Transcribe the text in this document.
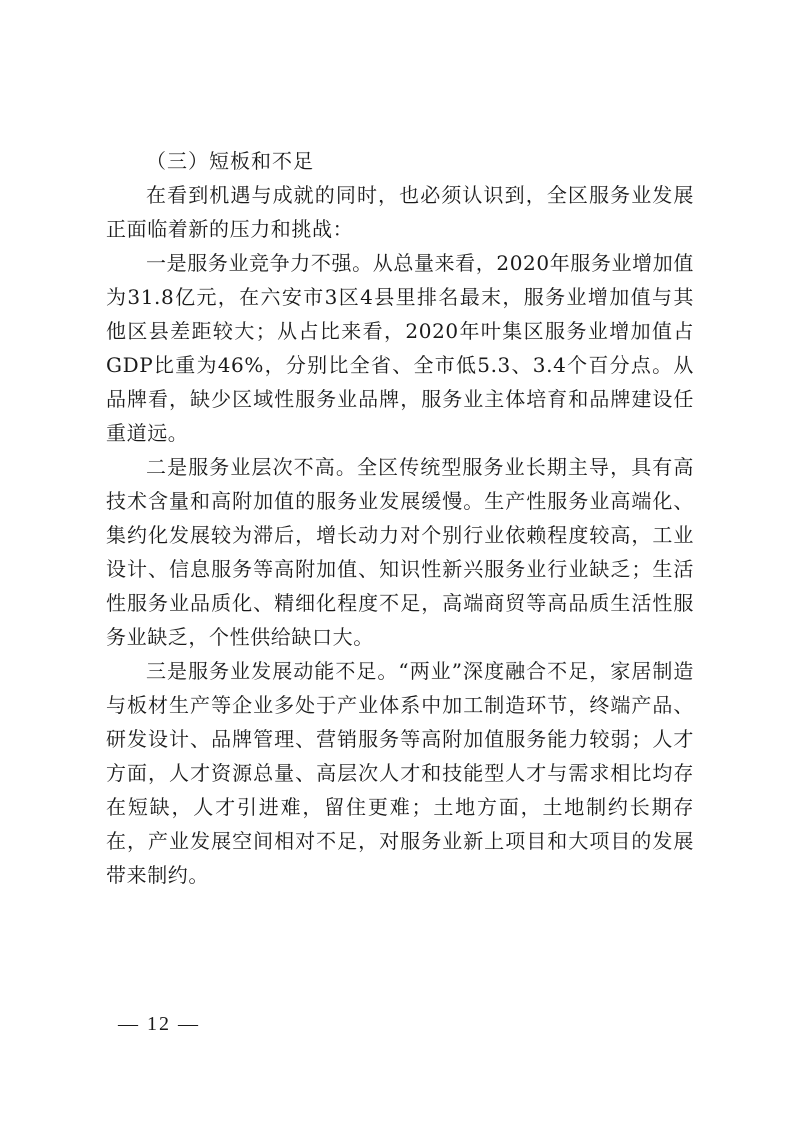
（三）短板和不足

在看到机遇与成就的同时，也必须认识到，全区服务业发展正面临着新的压力和挑战：

一是服务业竞争力不强。从总量来看，2020年服务业增加值为31.8亿元，在六安市3区4县里排名最末，服务业增加值与其他区县差距较大；从占比来看，2020年叶集区服务业增加值占GDP比重为46%，分别比全省、全市低5.3、3.4个百分点。从品牌看，缺少区域性服务业品牌，服务业主体培育和品牌建设任重道远。

二是服务业层次不高。全区传统型服务业长期主导，具有高技术含量和高附加值的服务业发展缓慢。生产性服务业高端化、集约化发展较为滞后，增长动力对个别行业依赖程度较高，工业设计、信息服务等高附加值、知识性新兴服务业行业缺乏；生活性服务业品质化、精细化程度不足，高端商贸等高品质生活性服务业缺乏，个性供给缺口大。

三是服务业发展动能不足。“两业”深度融合不足，家居制造与板材生产等企业多处于产业体系中加工制造环节，终端产品、研发设计、品牌管理、营销服务等高附加值服务能力较弱；人才方面，人才资源总量、高层次人才和技能型人才与需求相比均存在短缺，人才引进难，留住更难；土地方面，土地制约长期存在，产业发展空间相对不足，对服务业新上项目和大项目的发展带来制约。

— 12 —
